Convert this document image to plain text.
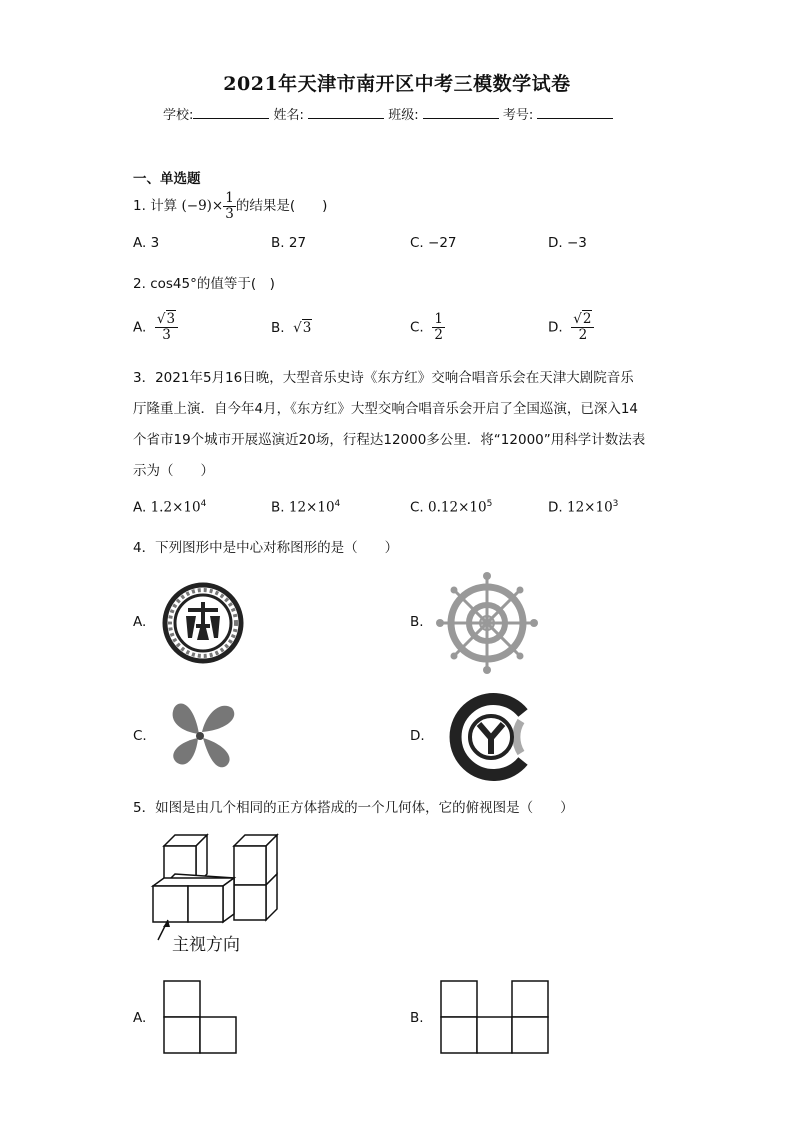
2021年天津市南开区中考三模数学试卷
学校:	姓名:	班级:	考号:
一、单选题
1. 计算 $(-9)\times \frac{1}{3}$ 的结果是(　　)
A. 3	B. 27	C. −27	D. −3
2. cos45°的值等于(　)
A. $\frac{√3}{3}$	B. √3	C. $\frac{1}{2}$	D. $\frac{√2}{2}$
3．2021年5月16日晚，大型音乐史诗《东方红》交响合唱音乐会在天津大剧院音乐
厅隆重上演．自今年4月，《东方红》大型交响合唱音乐会开启了全国巡演，已深入14
个省市19个城市开展巡演近20场，行程达12000多公里．将“12000”用科学计数法表
示为（　　）
A. $1.2\times 10^4$	B. $12\times 10^4$	C. $0.12\times 10^5$	D. $12\times 10^3$
4．下列图形中是中心对称图形的是（　　）
A.	B.
C.	D.
5．如图是由几个相同的正方体搭成的一个几何体，它的俯视图是（　　）
主视方向
A.	B.
